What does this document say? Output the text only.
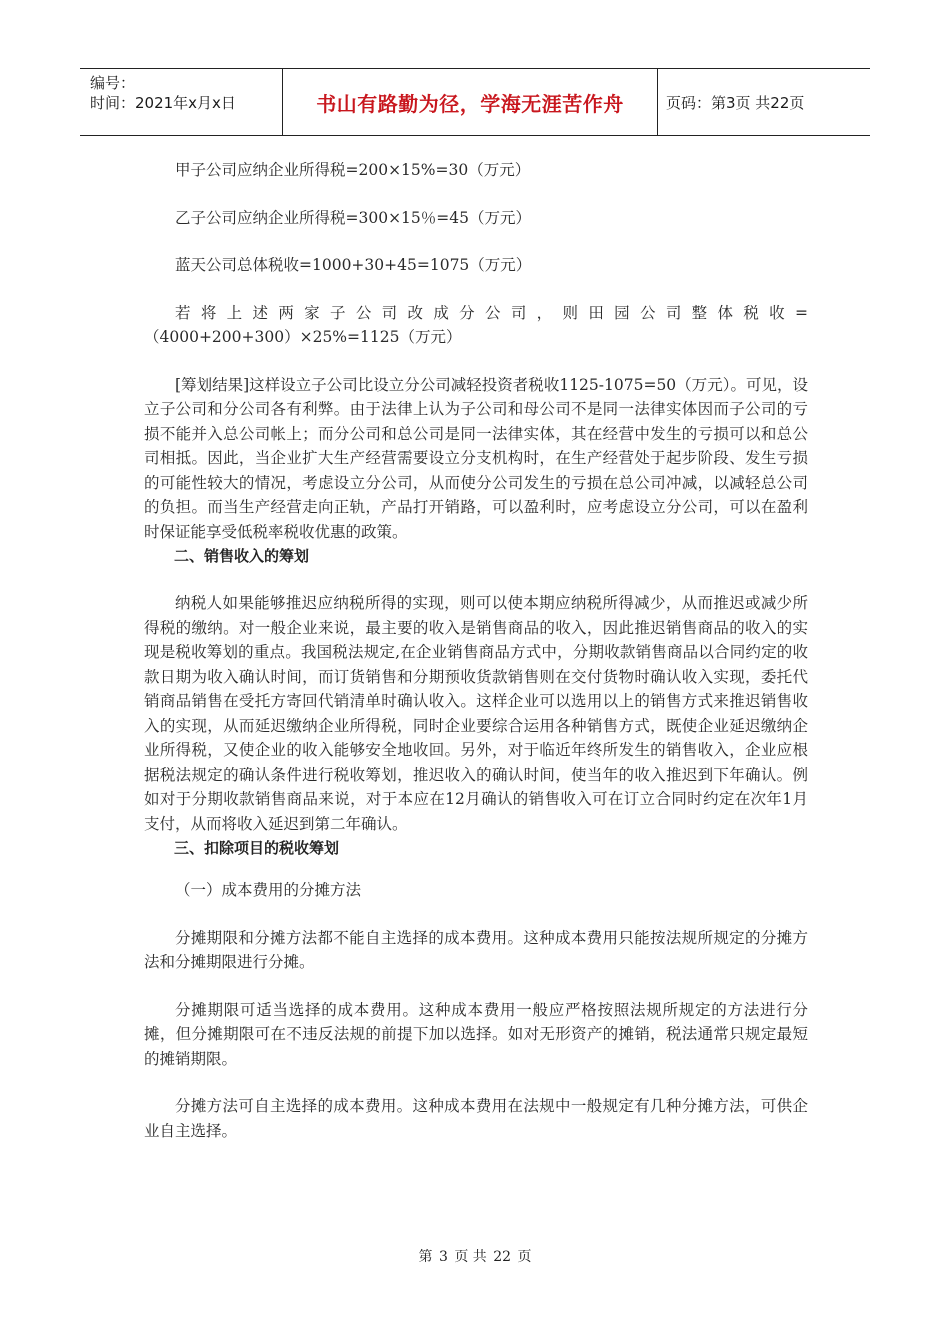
编号：
时间：2021年x月x日	书山有路勤为径，学海无涯苦作舟	页码：第3页 共22页

甲子公司应纳企业所得税=200×15%=30（万元）

乙子公司应纳企业所得税=300×15％=45（万元）

蓝天公司总体税收=1000+30+45=1075（万元）

若将上述两家子公司改成分公司，则田园公司整体税收=

（4000+200+300）×25%=1125（万元）

[筹划结果]这样设立子公司比设立分公司减轻投资者税收1125-1075=50（万元）。可见，设立子公司和分公司各有利弊。由于法律上认为子公司和母公司不是同一法律实体因而子公司的亏损不能并入总公司帐上；而分公司和总公司是同一法律实体，其在经营中发生的亏损可以和总公司相抵。因此，当企业扩大生产经营需要设立分支机构时，在生产经营处于起步阶段、发生亏损的可能性较大的情况，考虑设立分公司，从而使分公司发生的亏损在总公司冲减，以减轻总公司的负担。而当生产经营走向正轨，产品打开销路，可以盈利时，应考虑设立分公司，可以在盈利时保证能享受低税率税收优惠的政策。

二、销售收入的筹划

纳税人如果能够推迟应纳税所得的实现，则可以使本期应纳税所得减少，从而推迟或减少所得税的缴纳。对一般企业来说，最主要的收入是销售商品的收入，因此推迟销售商品的收入的实现是税收筹划的重点。我国税法规定,在企业销售商品方式中，分期收款销售商品以合同约定的收款日期为收入确认时间，而订货销售和分期预收货款销售则在交付货物时确认收入实现，委托代销商品销售在受托方寄回代销清单时确认收入。这样企业可以选用以上的销售方式来推迟销售收入的实现，从而延迟缴纳企业所得税，同时企业要综合运用各种销售方式，既使企业延迟缴纳企业所得税，又使企业的收入能够安全地收回。另外，对于临近年终所发生的销售收入，企业应根据税法规定的确认条件进行税收筹划，推迟收入的确认时间，使当年的收入推迟到下年确认。例如对于分期收款销售商品来说，对于本应在12月确认的销售收入可在订立合同时约定在次年1月支付，从而将收入延迟到第二年确认。

三、扣除项目的税收筹划

（一）成本费用的分摊方法

分摊期限和分摊方法都不能自主选择的成本费用。这种成本费用只能按法规所规定的分摊方法和分摊期限进行分摊。

分摊期限可适当选择的成本费用。这种成本费用一般应严格按照法规所规定的方法进行分摊，但分摊期限可在不违反法规的前提下加以选择。如对无形资产的摊销，税法通常只规定最短的摊销期限。

分摊方法可自主选择的成本费用。这种成本费用在法规中一般规定有几种分摊方法，可供企业自主选择。

第 3 页 共 22 页
